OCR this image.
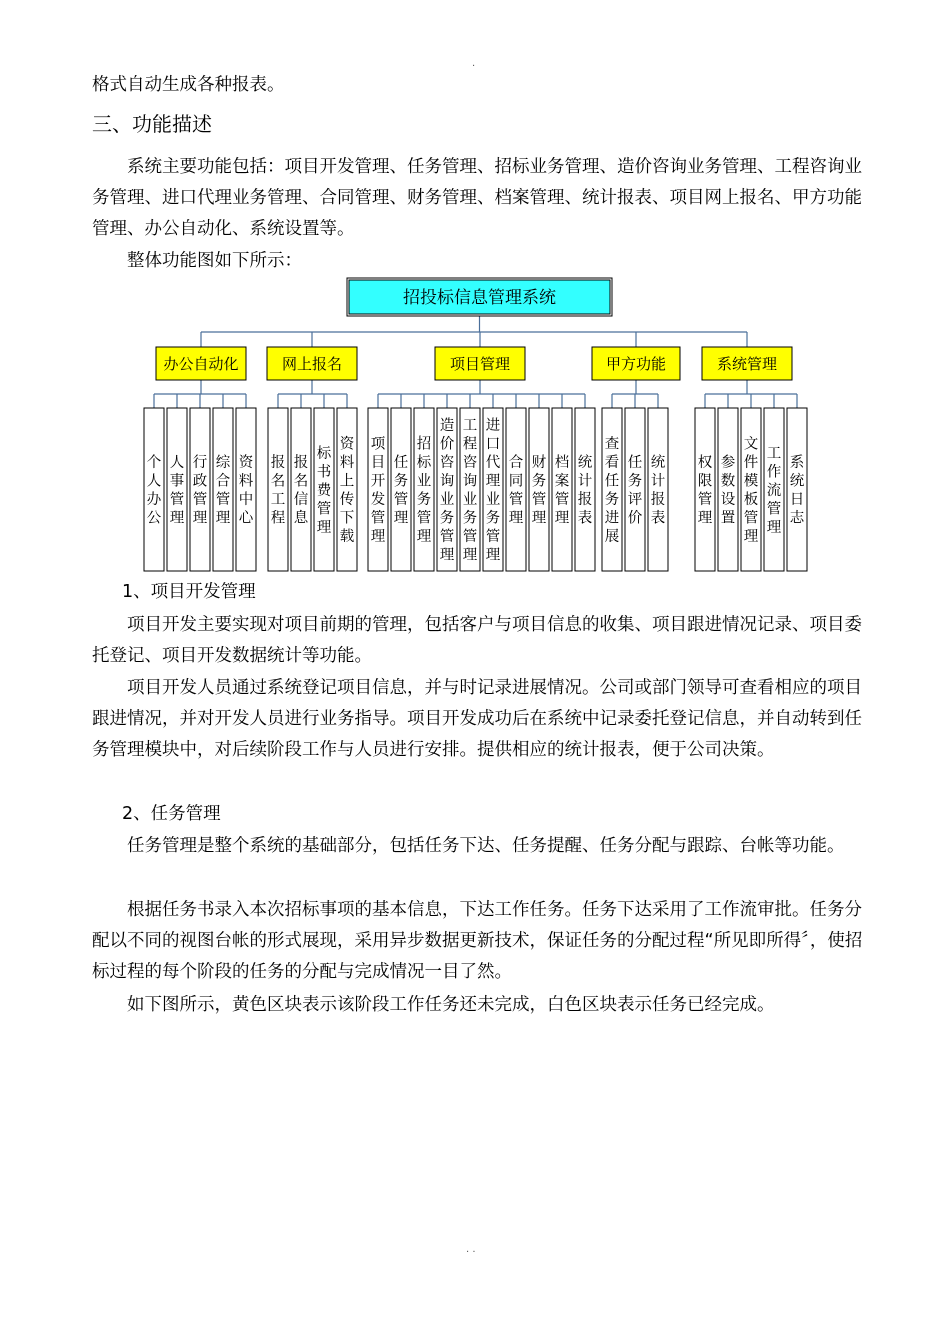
.

格式自动生成各种报表。

三、功能描述

系统主要功能包括：项目开发管理、任务管理、招标业务管理、造价咨询业务管理、工程咨询业务管理、进口代理业务管理、合同管理、财务管理、档案管理、统计报表、项目网上报名、甲方功能管理、办公自动化、系统设置等。

整体功能图如下所示：

招投标信息管理系统
办公自动化
个人办公
人事管理
行政管理
综合管理
资料中心
网上报名
报名工程
报名信息
标书费管理
资料上传下载
项目管理
项目开发管理
任务管理
招标业务管理
造价咨询业务管理
工程咨询业务管理
进口代理业务管理
合同管理
财务管理
档案管理
统计报表
甲方功能
查看任务进展
任务评价
统计报表
系统管理
权限管理
参数设置
文件模板管理
工作流管理
系统日志
1、项目开发管理

项目开发主要实现对项目前期的管理，包括客户与项目信息的收集、项目跟进情况记录、项目委托登记、项目开发数据统计等功能。

项目开发人员通过系统登记项目信息，并与时记录进展情况。公司或部门领导可查看相应的项目跟进情况，并对开发人员进行业务指导。项目开发成功后在系统中记录委托登记信息，并自动转到任务管理模块中，对后续阶段工作与人员进行安排。提供相应的统计报表，便于公司决策。

2、任务管理

任务管理是整个系统的基础部分，包括任务下达、任务提醒、任务分配与跟踪、台帐等功能。

根据任务书录入本次招标事项的基本信息，下达工作任务。任务下达采用了工作流审批。任务分配以不同的视图台帐的形式展现，采用异步数据更新技术，保证任务的分配过程“所见即所得〞，使招标过程的每个阶段的任务的分配与完成情况一目了然。

如下图所示，黄色区块表示该阶段工作任务还未完成，白色区块表示任务已经完成。

. .
